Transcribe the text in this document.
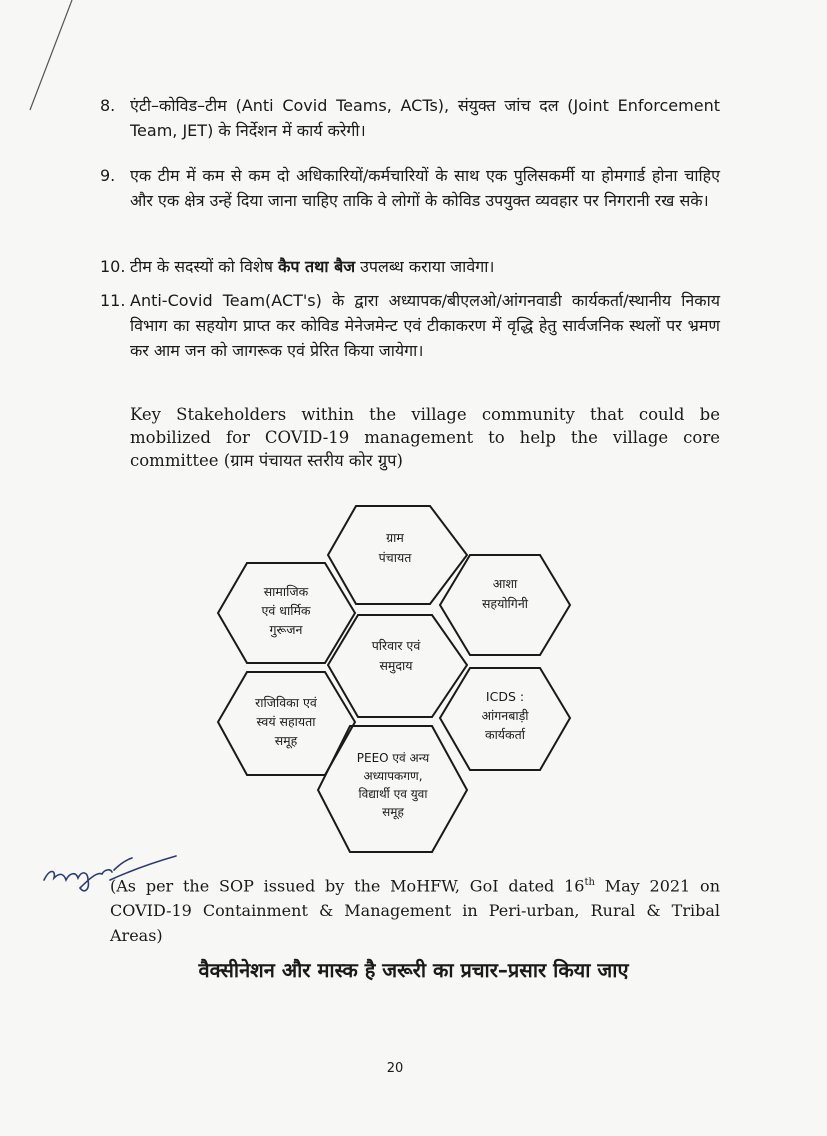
8. एंटी–कोविड–टीम (Anti Covid Teams, ACTs), संयुक्त जांच दल (Joint Enforcement Team, JET) के निर्देशन में कार्य करेगी।
9. एक टीम में कम से कम दो अधिकारियों/कर्मचारियों के साथ एक पुलिसकर्मी या होमगार्ड होना चाहिए और एक क्षेत्र उन्हें दिया जाना चाहिए ताकि वे लोगों के कोविड उपयुक्त व्यवहार पर निगरानी रख सके।
10. टीम के सदस्यों को विशेष कैप तथा बैज उपलब्ध कराया जावेगा।
11. Anti-Covid Team(ACT's) के द्वारा अध्यापक/बीएलओ/आंगनवाडी कार्यकर्ता/स्थानीय निकाय विभाग का सहयोग प्राप्त कर कोविड मेनेजमेन्ट एवं टीकाकरण में वृद्धि हेतु सार्वजनिक स्थलों पर भ्रमण कर आम जन को जागरूक एवं प्रेरित किया जायेगा।
Key Stakeholders within the village community that could be mobilized for COVID-19 management to help the village core committee (ग्राम पंचायत स्तरीय कोर ग्रुप)
ग्राम पंचायत
आशा सहयोगिनी
सामाजिक एवं धार्मिक गुरूजन
परिवार एवं समुदाय
राजिविका एवं स्वयं सहायता समूह
ICDS : आंगनबाड़ी कार्यकर्ता
PEEO एवं अन्य अध्यापकगण, विद्यार्थी एव युवा समूह
(As per the SOP issued by the MoHFW, GoI dated 16th May 2021 on COVID-19 Containment & Management in Peri-urban, Rural & Tribal Areas)
वैक्सीनेशन और मास्क है जरूरी का प्रचार–प्रसार किया जाए
20
